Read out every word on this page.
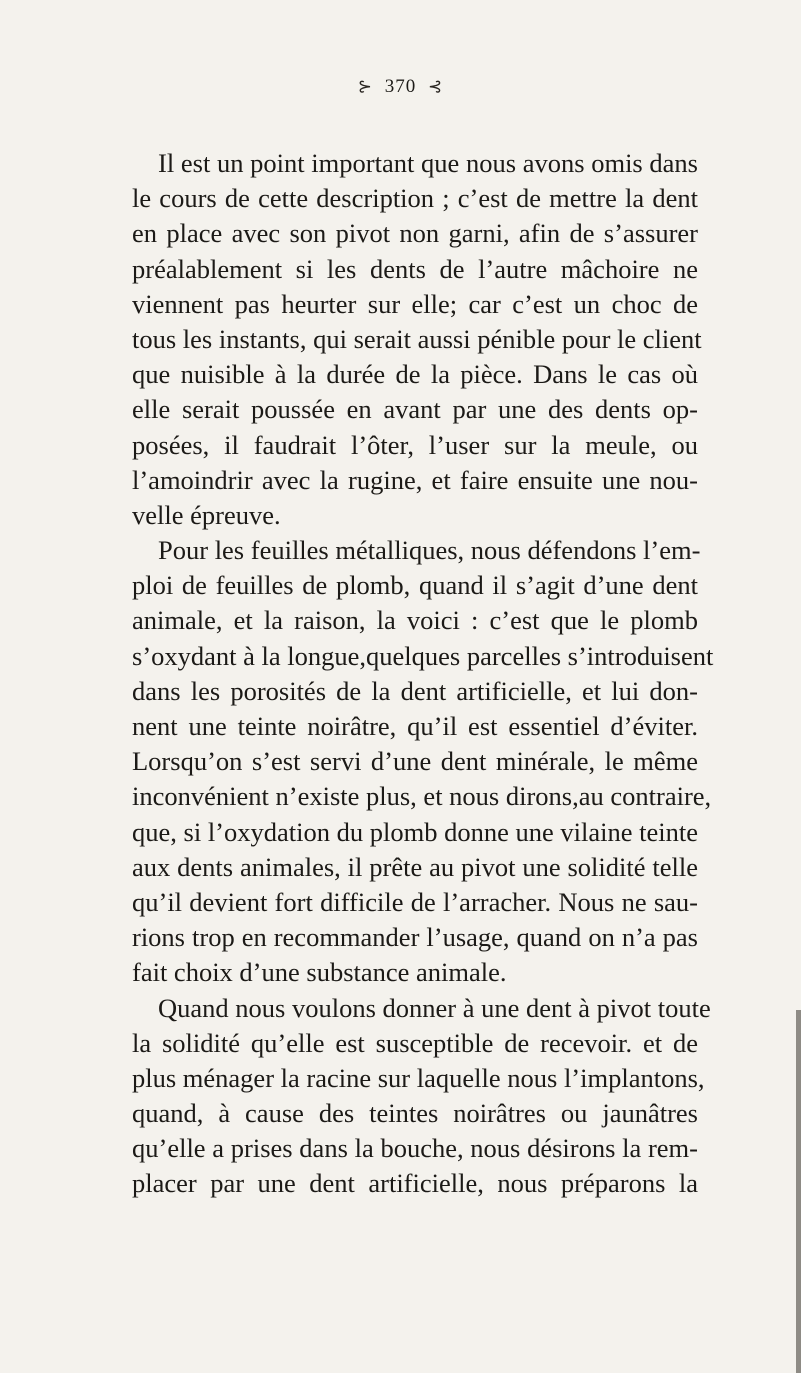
⊱ 370 ⊰
Il est un point important que nous avons omis dans
le cours de cette description ; c’est de mettre la dent
en place avec son pivot non garni, afin de s’assurer
préalablement si les dents de l’autre mâchoire ne
viennent pas heurter sur elle; car c’est un choc de
tous les instants, qui serait aussi pénible pour le client
que nuisible à la durée de la pièce. Dans le cas où
elle serait poussée en avant par une des dents op-
posées, il faudrait l’ôter, l’user sur la meule, ou
l’amoindrir avec la rugine, et faire ensuite une nou-
velle épreuve.
Pour les feuilles métalliques, nous défendons l’em-
ploi de feuilles de plomb, quand il s’agit d’une dent
animale, et la raison, la voici : c’est que le plomb
s’oxydant à la longue,quelques parcelles s’introduisent
dans les porosités de la dent artificielle, et lui don-
nent une teinte noirâtre, qu’il est essentiel d’éviter.
Lorsqu’on s’est servi d’une dent minérale, le même
inconvénient n’existe plus, et nous dirons,au contraire,
que, si l’oxydation du plomb donne une vilaine teinte
aux dents animales, il prête au pivot une solidité telle
qu’il devient fort difficile de l’arracher. Nous ne sau-
rions trop en recommander l’usage, quand on n’a pas
fait choix d’une substance animale.
Quand nous voulons donner à une dent à pivot toute
la solidité qu’elle est susceptible de recevoir. et de
plus ménager la racine sur laquelle nous l’implantons,
quand, à cause des teintes noirâtres ou jaunâtres
qu’elle a prises dans la bouche, nous désirons la rem-
placer par une dent artificielle, nous préparons la
